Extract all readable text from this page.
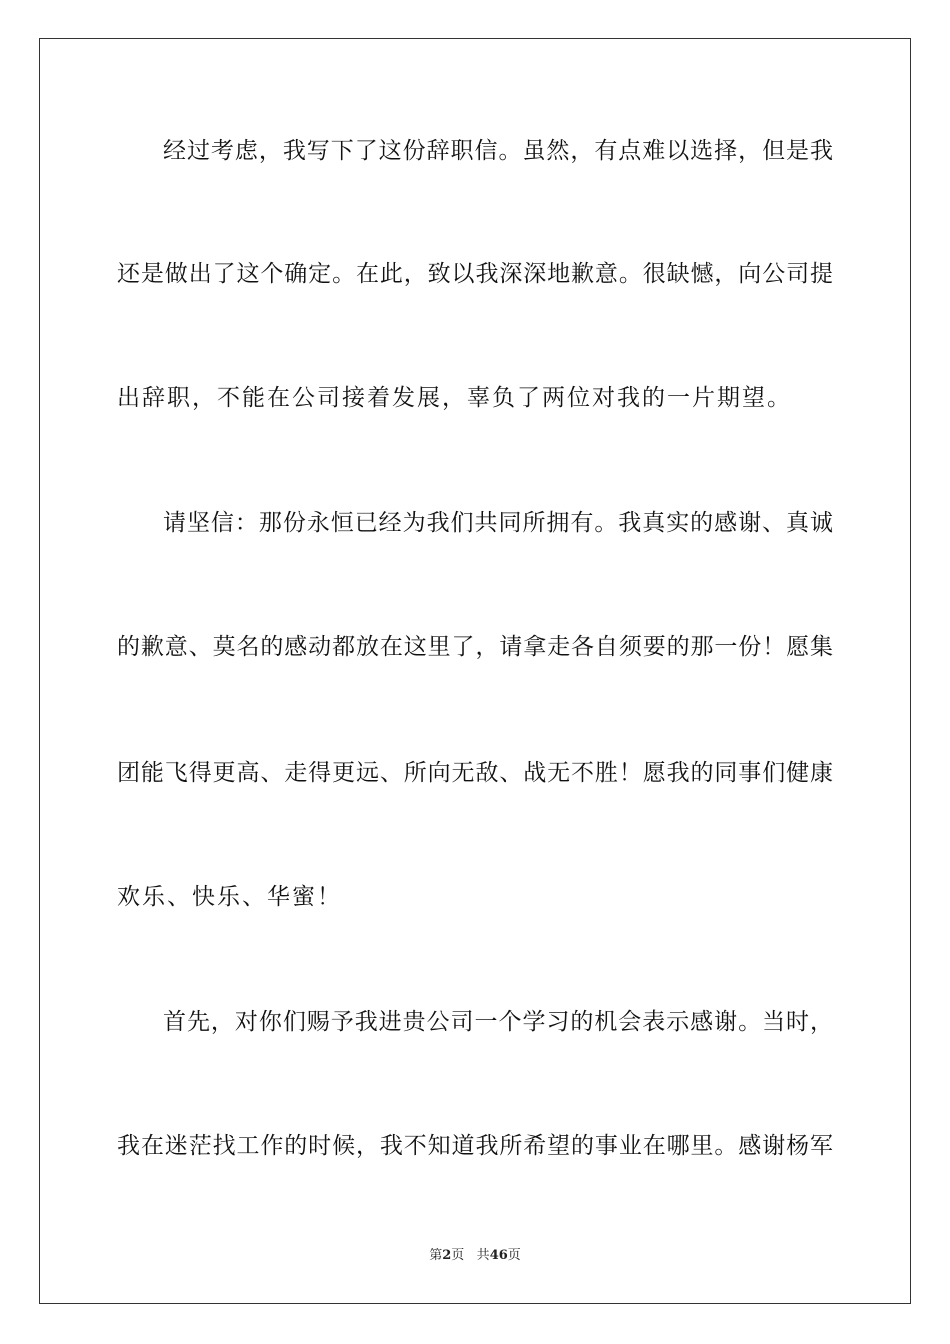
经过考虑，我写下了这份辞职信。虽然，有点难以选择，但是我
还是做出了这个确定。在此，致以我深深地歉意。很缺憾，向公司提
出辞职，不能在公司接着发展，辜负了两位对我的一片期望。
请坚信：那份永恒已经为我们共同所拥有。我真实的感谢、真诚
的歉意、莫名的感动都放在这里了，请拿走各自须要的那一份！愿集
团能飞得更高、走得更远、所向无敌、战无不胜！愿我的同事们健康
欢乐、快乐、华蜜！
首先，对你们赐予我进贵公司一个学习的机会表示感谢。当时，
我在迷茫找工作的时候，我不知道我所希望的事业在哪里。感谢杨军
第2页 共46页
